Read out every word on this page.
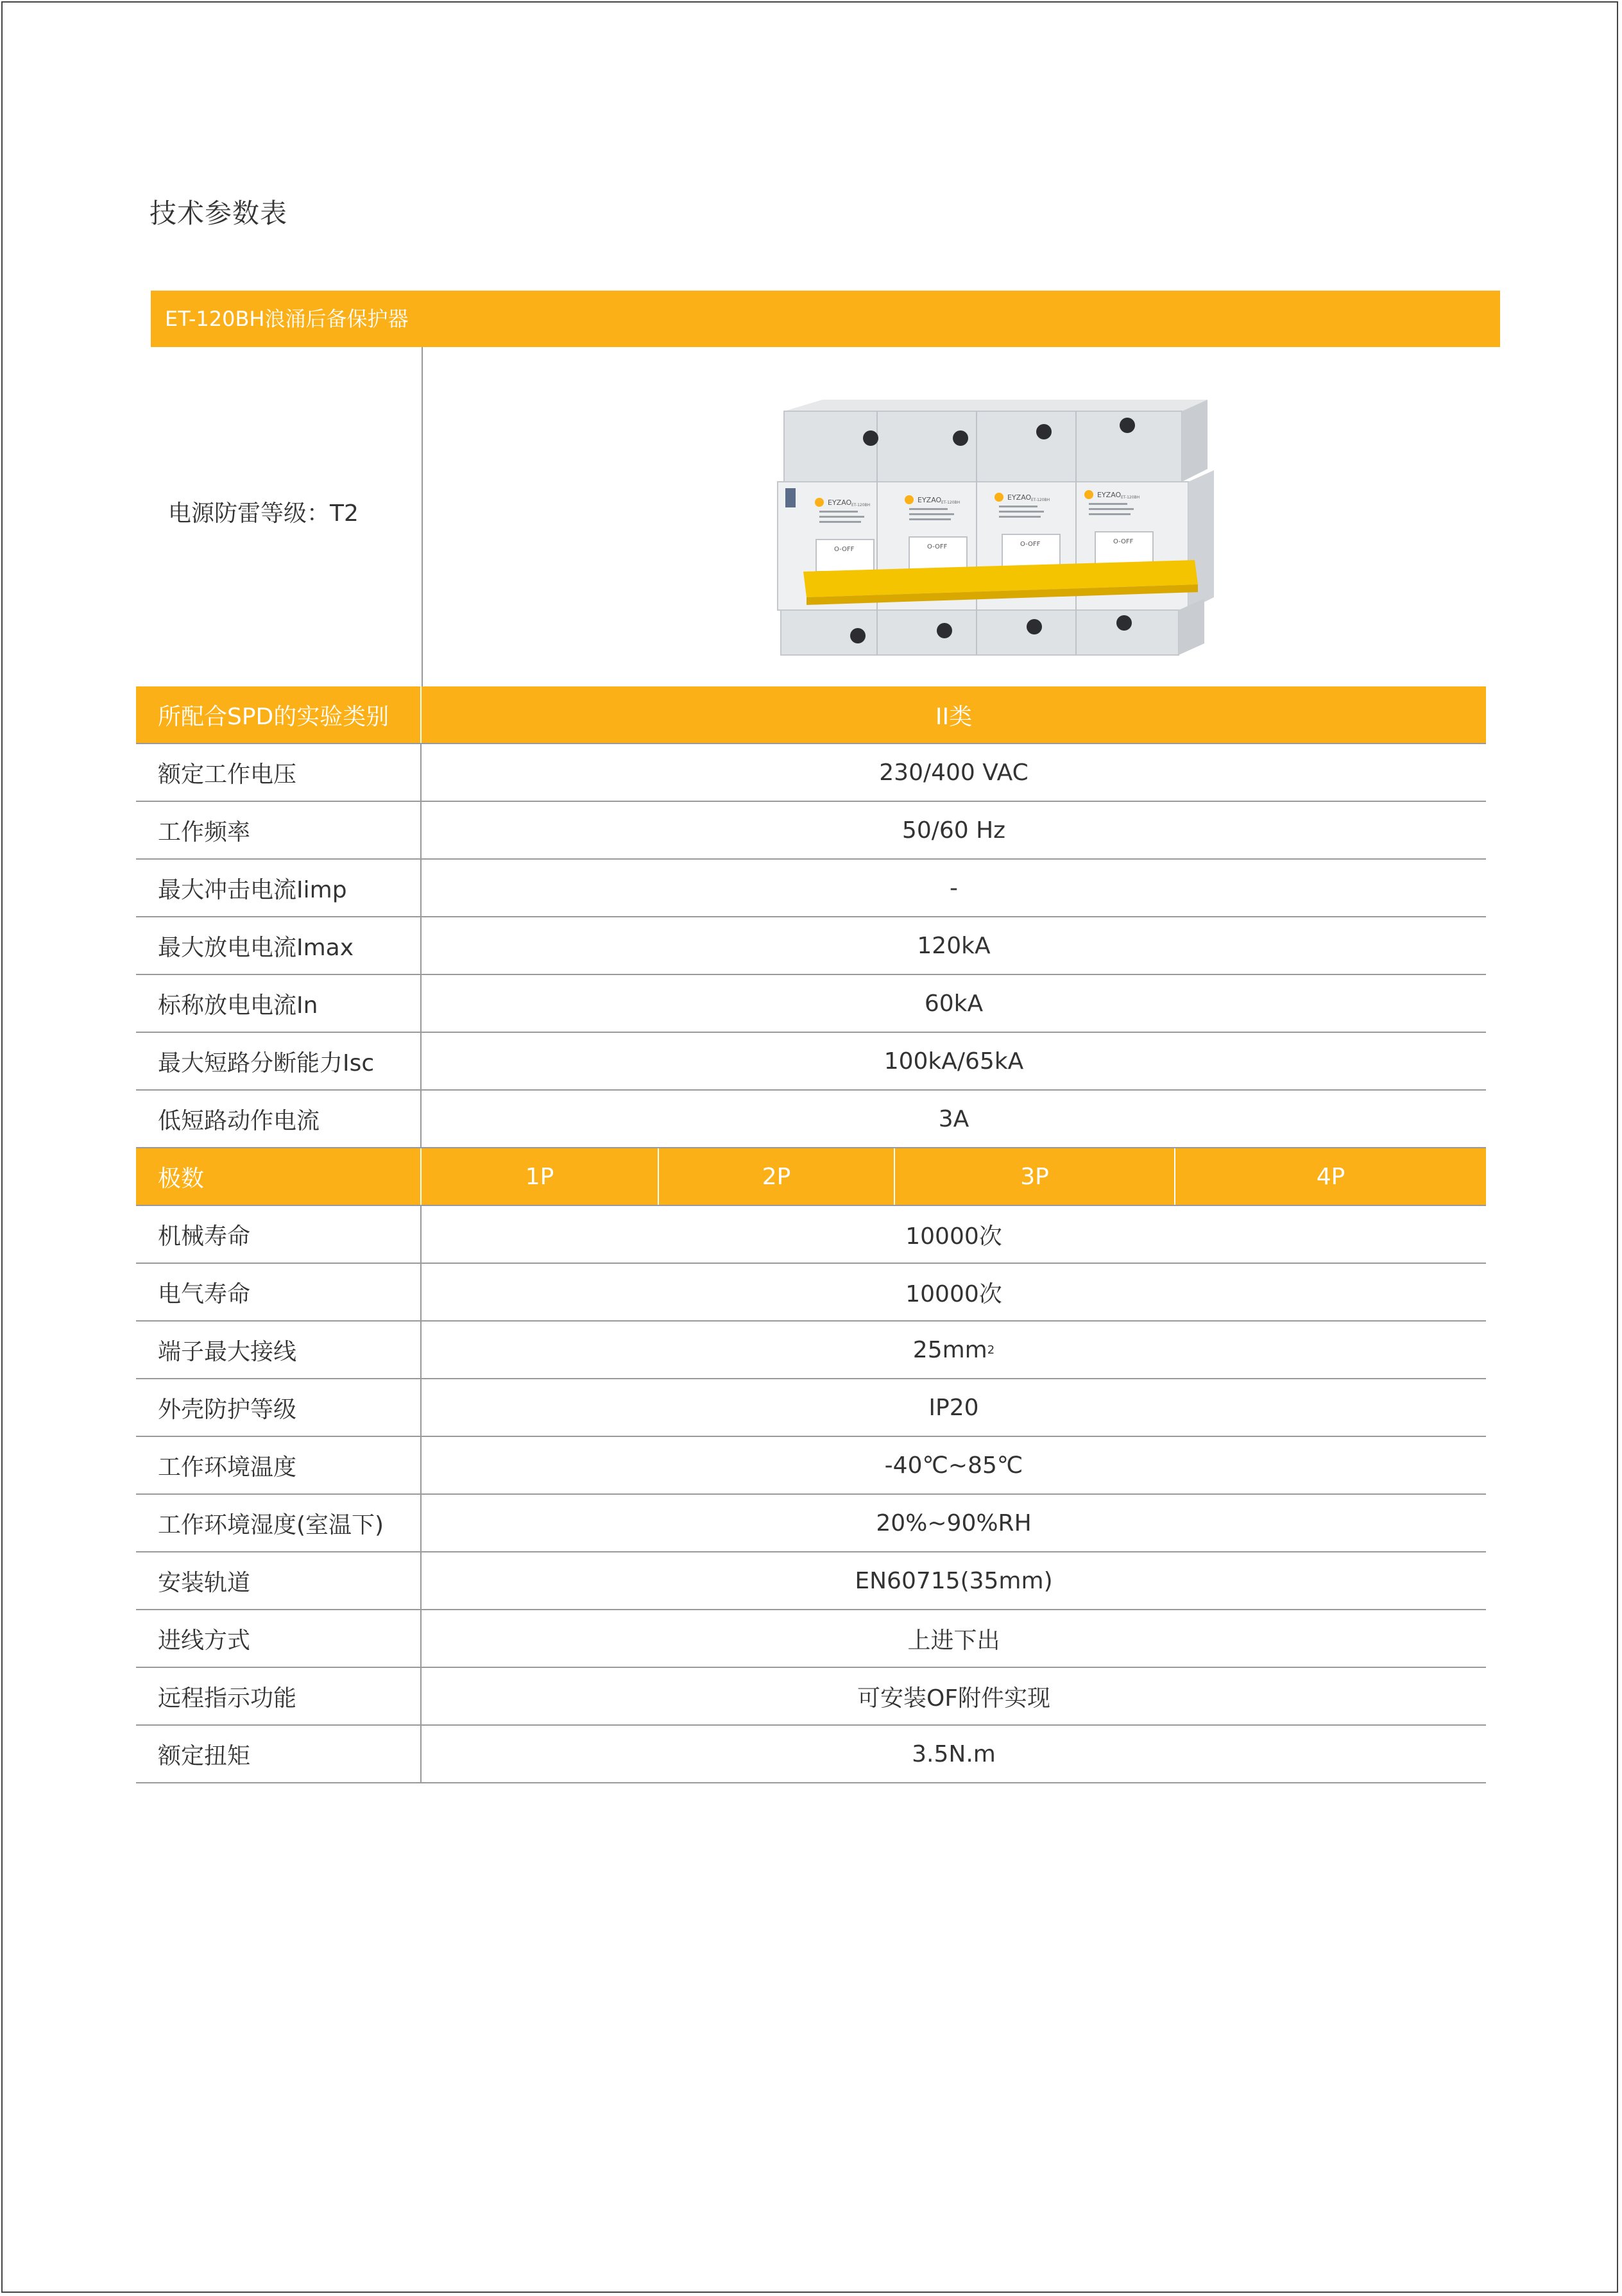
技术参数表
ET-120BH浪涌后备保护器
电源防雷等级：T2	EYZAO	EYZAO	EYZAO	EYZAO
ET-120BH
ET-120BH
ET-120BH
ET-120BH
O-OFF	O-OFF	O-OFF	O-OFF
所配合SPD的实验类别	II类
额定工作电压	230/400 VAC
工作频率	50/60 Hz
最大冲击电流Iimp	-
最大放电电流Imax	120kA
标称放电电流In	60kA
最大短路分断能力Isc	100kA/65kA
低短路动作电流	3A
极数	1P	2P	3P	4P
机械寿命	10000次
电气寿命	10000次
端子最大接线	25mm 2
外壳防护等级	IP20
工作环境温度	-40℃~85℃
工作环境湿度(室温下)	20%~90%RH
安装轨道	EN60715(35mm)
进线方式	上进下出
远程指示功能	可安装OF附件实现
额定扭矩	3.5N.m
